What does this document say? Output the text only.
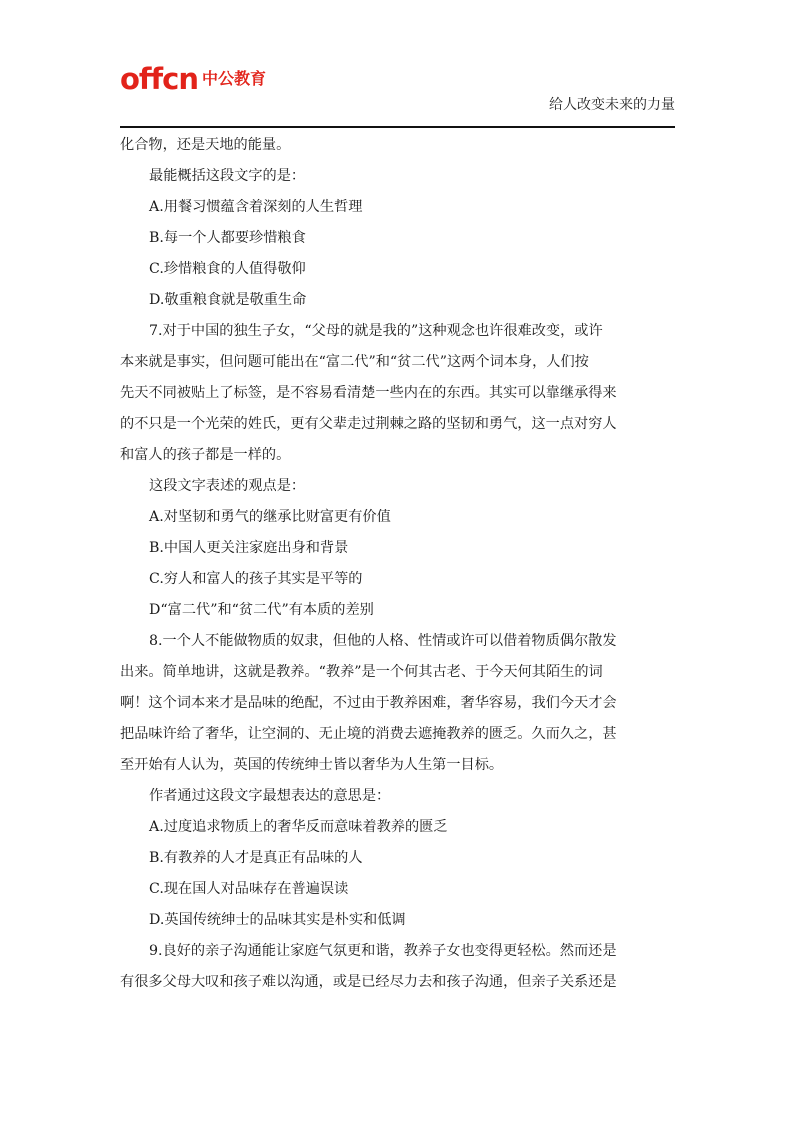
offcn 中公教育
给人改变未来的力量
化合物，还是天地的能量。
最能概括这段文字的是：
A.用餐习惯蕴含着深刻的人生哲理
B.每一个人都要珍惜粮食
C.珍惜粮食的人值得敬仰
D.敬重粮食就是敬重生命
7.对于中国的独生子女，“父母的就是我的”这种观念也许很难改变，或许
本来就是事实，但问题可能出在“富二代”和“贫二代”这两个词本身，人们按
先天不同被贴上了标签，是不容易看清楚一些内在的东西。其实可以靠继承得来
的不只是一个光荣的姓氏，更有父辈走过荆棘之路的坚韧和勇气，这一点对穷人
和富人的孩子都是一样的。
这段文字表述的观点是：
A.对坚韧和勇气的继承比财富更有价值
B.中国人更关注家庭出身和背景
C.穷人和富人的孩子其实是平等的
D“富二代”和“贫二代”有本质的差别
8.一个人不能做物质的奴隶，但他的人格、性情或许可以借着物质偶尔散发
出来。简单地讲，这就是教养。“教养”是一个何其古老、于今天何其陌生的词
啊！这个词本来才是品味的绝配，不过由于教养困难，奢华容易，我们今天才会
把品味许给了奢华，让空洞的、无止境的消费去遮掩教养的匮乏。久而久之，甚
至开始有人认为，英国的传统绅士皆以奢华为人生第一目标。
作者通过这段文字最想表达的意思是：
A.过度追求物质上的奢华反而意味着教养的匮乏
B.有教养的人才是真正有品味的人
C.现在国人对品味存在普遍误读
D.英国传统绅士的品味其实是朴实和低调
9.良好的亲子沟通能让家庭气氛更和谐，教养子女也变得更轻松。然而还是
有很多父母大叹和孩子难以沟通，或是已经尽力去和孩子沟通，但亲子关系还是
